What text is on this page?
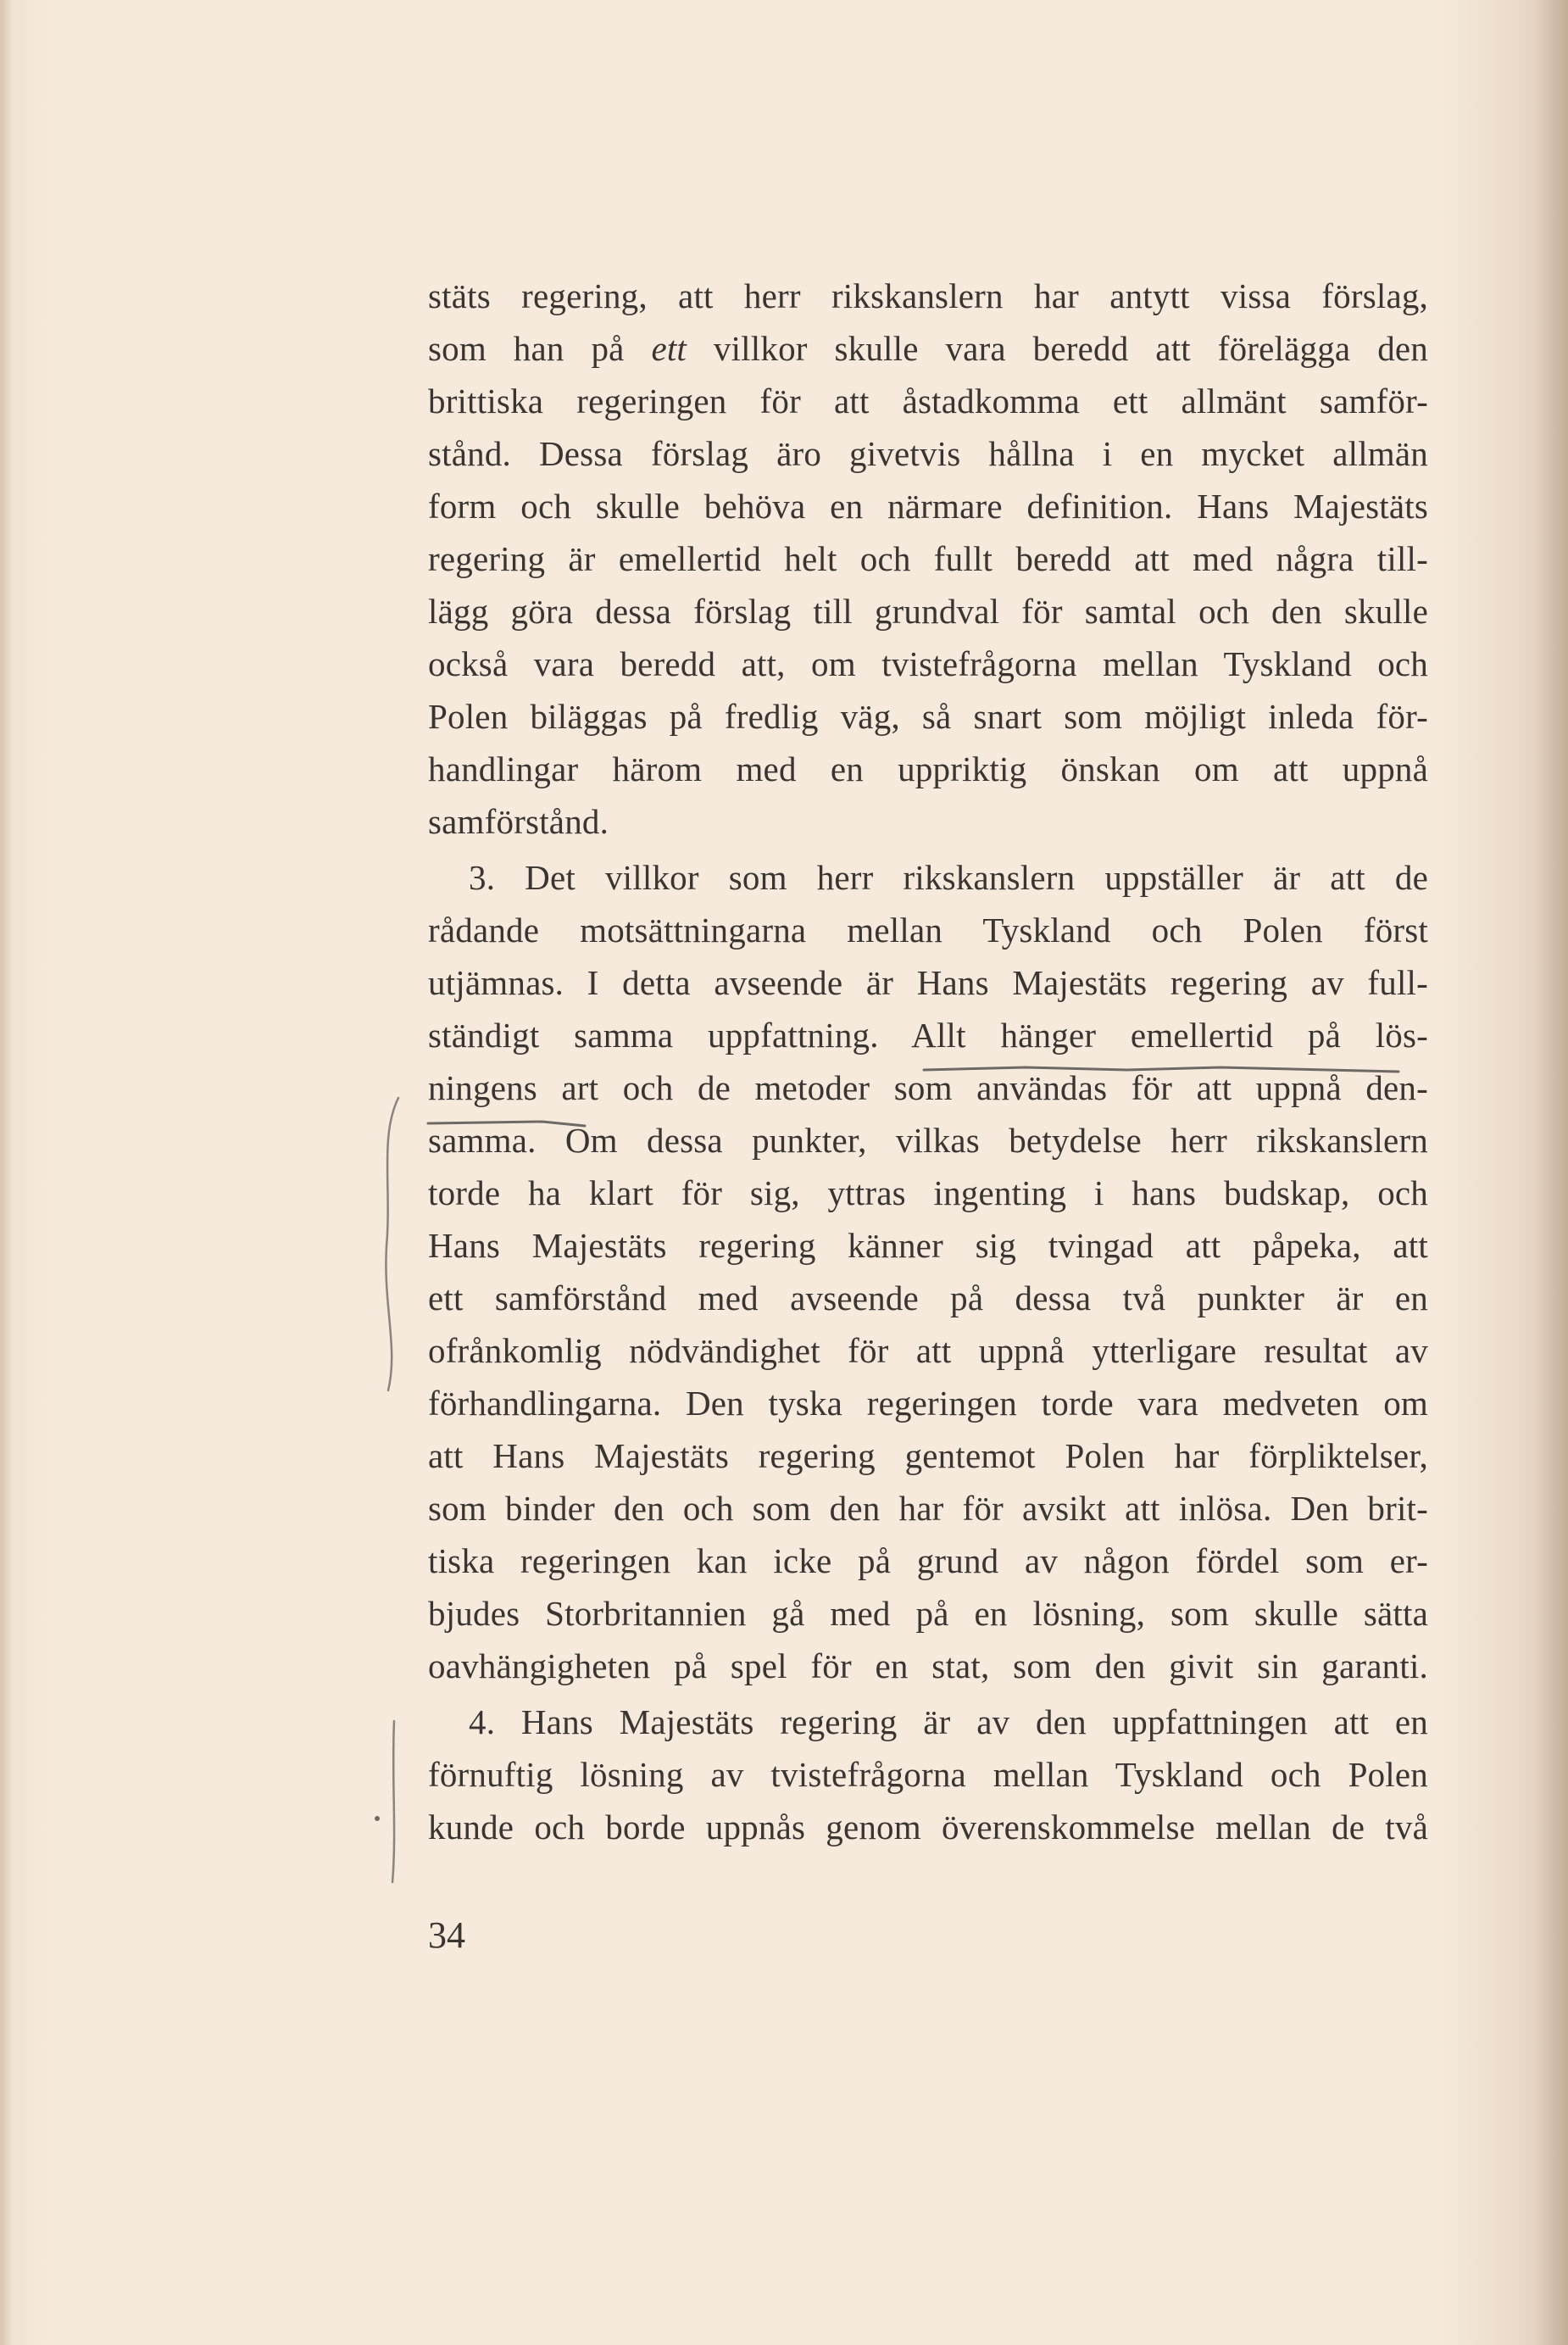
stäts regering, att herr rikskanslern har antytt vissa förslag,
som han på ett villkor skulle vara beredd att förelägga den
brittiska regeringen för att åstadkomma ett allmänt samför-
stånd. Dessa förslag äro givetvis hållna i en mycket allmän
form och skulle behöva en närmare definition. Hans Majestäts
regering är emellertid helt och fullt beredd att med några till-
lägg göra dessa förslag till grundval för samtal och den skulle
också vara beredd att, om tvistefrågorna mellan Tyskland och
Polen biläggas på fredlig väg, så snart som möjligt inleda för-
handlingar härom med en uppriktig önskan om att uppnå
samförstånd.
3. Det villkor som herr rikskanslern uppställer är att de
rådande motsättningarna mellan Tyskland och Polen först
utjämnas. I detta avseende är Hans Majestäts regering av full-
ständigt samma uppfattning. Allt hänger emellertid på lös-
ningens art och de metoder som användas för att uppnå den-
samma. Om dessa punkter, vilkas betydelse herr rikskanslern
torde ha klart för sig, yttras ingenting i hans budskap, och
Hans Majestäts regering känner sig tvingad att påpeka, att
ett samförstånd med avseende på dessa två punkter är en
ofrånkomlig nödvändighet för att uppnå ytterligare resultat av
förhandlingarna. Den tyska regeringen torde vara medveten om
att Hans Majestäts regering gentemot Polen har förpliktelser,
som binder den och som den har för avsikt att inlösa. Den brit-
tiska regeringen kan icke på grund av någon fördel som er-
bjudes Storbritannien gå med på en lösning, som skulle sätta
oavhängigheten på spel för en stat, som den givit sin garanti.
4. Hans Majestäts regering är av den uppfattningen att en
förnuftig lösning av tvistefrågorna mellan Tyskland och Polen
kunde och borde uppnås genom överenskommelse mellan de två
34
